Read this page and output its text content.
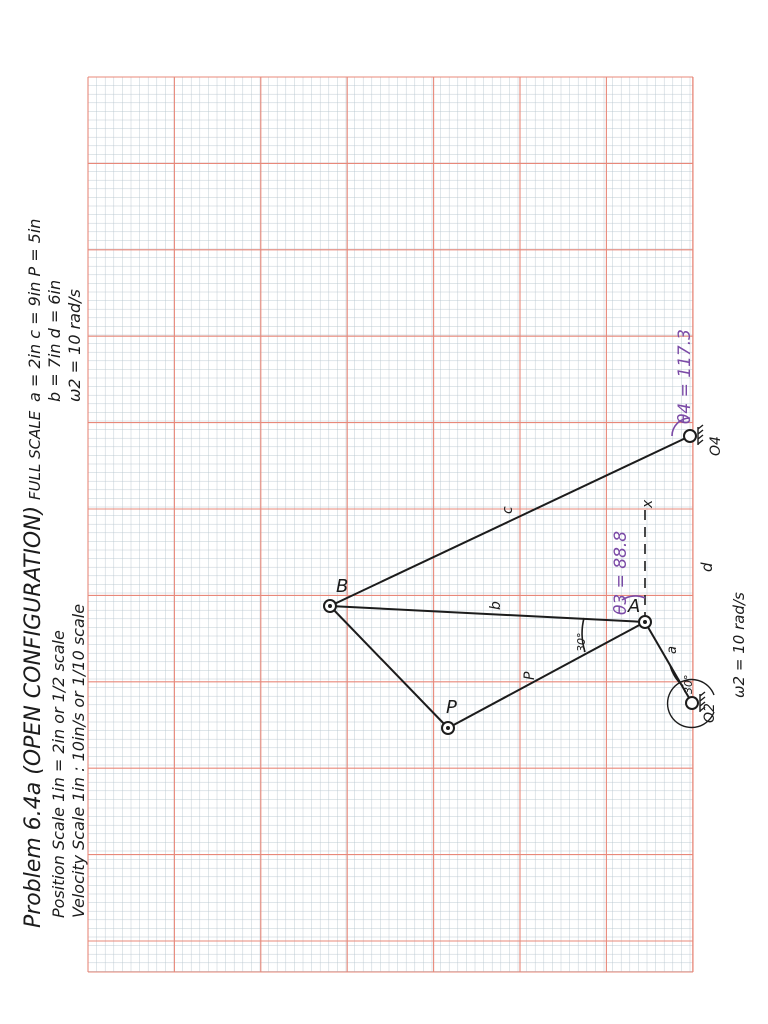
Problem 6.4a (OPEN CONFIGURATION) Position Scale 1in = 2in or 1/2 scale Velocity Scale 1in : 10in/s or 1/10 scale
FULL SCALE
a = 2in c = 9in P = 5in b = 7in d = 6in ω2 = 10 rad/s
B
A
P
O4
O2
c
b
P
a
d
x
30°
30°
θ3 = 88.8
θ4 = 117.3
ω2 = 10 rad/s
